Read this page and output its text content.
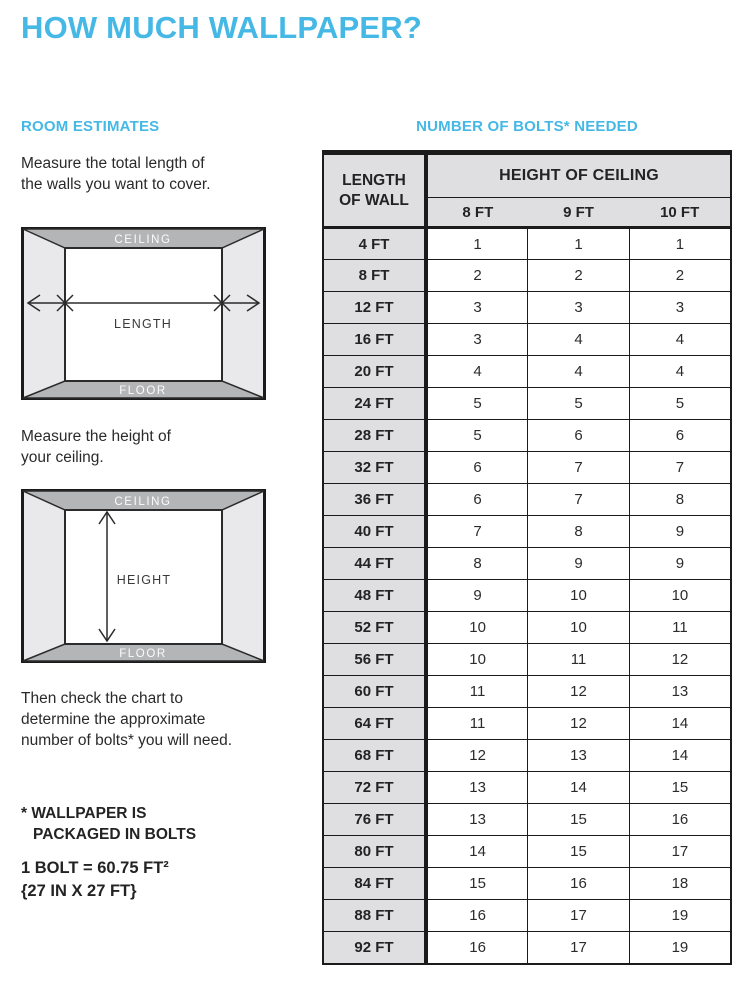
HOW MUCH WALLPAPER?
ROOM ESTIMATES

Measure the total length of
the walls you want to cover.

CEILING
FLOOR
LENGTH

Measure the height of
your ceiling.

CEILING
FLOOR
HEIGHT

Then check the chart to
determine the approximate
number of bolts* you will need.

* WALLPAPER IS
PACKAGED IN BOLTS
1 BOLT = 60.75 FT²
{27 IN X 27 FT}
NUMBER OF BOLTS* NEEDED
LENGTH
OF WALL	HEIGHT OF CEILING		
	8 FT	9 FT	10 FT
4 FT	1	1	1
8 FT	2	2	2
12 FT	3	3	3
16 FT	3	4	4
20 FT	4	4	4
24 FT	5	5	5
28 FT	5	6	6
32 FT	6	7	7
36 FT	6	7	8
40 FT	7	8	9
44 FT	8	9	9
48 FT	9	10	10
52 FT	10	10	11
56 FT	10	11	12
60 FT	11	12	13
64 FT	11	12	14
68 FT	12	13	14
72 FT	13	14	15
76 FT	13	15	16
80 FT	14	15	17
84 FT	15	16	18
88 FT	16	17	19
92 FT	16	17	19
